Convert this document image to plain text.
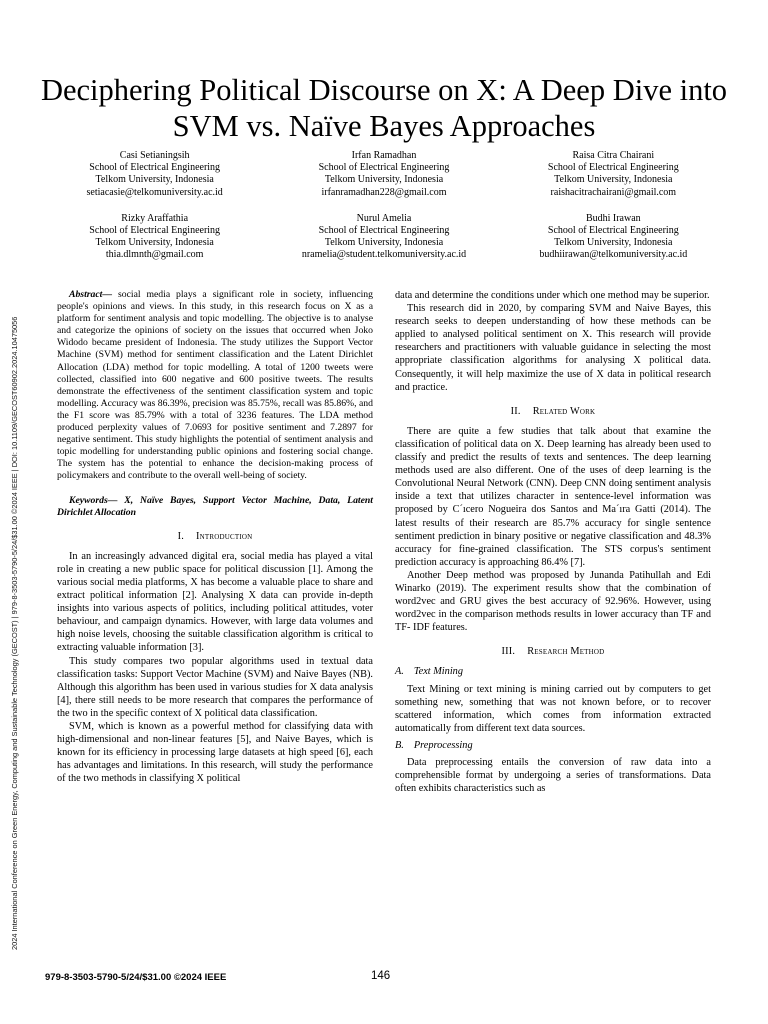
2024 International Conference on Green Energy, Computing and Sustainable Technology (GECOST) | 979-8-3503-5790-5/24/$31.00 ©2024 IEEE | DOI: 10.1109/GECOST60902.2024.10475056
Deciphering Political Discourse on X: A Deep Dive into SVM vs. Naïve Bayes Approaches
Casi Setianingsih
School of Electrical Engineering
Telkom University, Indonesia
setiacasie@telkomuniversity.ac.id
Irfan Ramadhan
School of Electrical Engineering
Telkom University, Indonesia
irfanramadhan228@gmail.com
Raisa Citra Chairani
School of Electrical Engineering
Telkom University, Indonesia
raishacitrachairani@gmail.com
Rizky Araffathia
School of Electrical Engineering
Telkom University, Indonesia
thia.dlmnth@gmail.com
Nurul Amelia
School of Electrical Engineering
Telkom University, Indonesia
nramelia@student.telkomuniversity.ac.id
Budhi Irawan
School of Electrical Engineering
Telkom University, Indonesia
budhiirawan@telkomuniversity.ac.id

Abstract— social media plays a significant role in society, influencing people's opinions and views. In this study, in this research focus on X as a platform for sentiment analysis and topic modelling. The objective is to analyse and categorize the opinions of society on the issues that occurred when Joko Widodo became president of Indonesia. The study utilizes the Support Vector Machine (SVM) method for sentiment classification and the Latent Dirichlet Allocation (LDA) method for topic modelling. A total of 1200 tweets were collected, classified into 600 negative and 600 positive tweets. The results demonstrate the effectiveness of the sentiment classification system and topic modelling. Accuracy was 86.39%, precision was 85.75%, recall was 85.86%, and the F1 score was 85.79% with a total of 3236 features. The LDA method produced perplexity values of 7.0693 for positive sentiment and 7.2897 for negative sentiment. This study highlights the potential of sentiment analysis and topic modelling for understanding public opinions and fostering social change. The system has the potential to enhance the decision-making process of policymakers and contribute to the overall well-being of society.

Keywords— X, Naïve Bayes, Support Vector Machine, Data, Latent Dirichlet Allocation

I. Introduction

In an increasingly advanced digital era, social media has played a vital role in creating a new public space for political discussion [1]. Among the various social media platforms, X has become a valuable place to share and extract political information [2]. Analysing X data can provide in-depth insights into various aspects of politics, including political attitudes, voter behaviour, and campaign dynamics. However, with large data volumes and high noise levels, choosing the suitable classification algorithm is critical to extracting valuable information [3].

This study compares two popular algorithms used in textual data classification tasks: Support Vector Machine (SVM) and Naive Bayes (NB). Although this algorithm has been used in various studies for X data analysis [4], there still needs to be more research that compares the performance of the two in the specific context of X political data classification.

SVM, which is known as a powerful method for classifying data with high-dimensional and non-linear features [5], and Naive Bayes, which is known for its efficiency in processing large datasets at high speed [6], each has advantages and limitations. In this research, will study the performance of the two methods in classifying X political

data and determine the conditions under which one method may be superior.

This research did in 2020, by comparing SVM and Naive Bayes, this research seeks to deepen understanding of how these methods can be applied to analysed political sentiment on X. This research will provide researchers and practitioners with valuable guidance in selecting the most appropriate classification algorithms for analysing X political data. Consequently, it will help maximize the use of X data in political research and practice.

II. Related Work

There are quite a few studies that talk about that examine the classification of political data on X. Deep learning has already been used to classify and predict the results of texts and sentences. The deep learning methods used are also different. One of the uses of deep learning is the Convolutional Neural Network (CNN). Deep CNN doing sentiment analysis inside a text that utilizes character in sentence-level information was proposed by C´ıcero Nogueira dos Santos and Ma´ıra Gatti (2014). The latest results of their research are 85.7% accuracy for single sentence sentiment prediction in binary positive or negative classification and 48.3% accuracy for fine-grained classification. The STS corpus's sentiment prediction accuracy is approaching 86.4% [7].

Another Deep method was proposed by Junanda Patihullah and Edi Winarko (2019). The experiment results show that the combination of word2vec and GRU gives the best accuracy of 92.96%. However, using word2vec in the comparison methods results in lower accuracy than TF and TF- IDF features.

III. Research Method
A. Text Mining

Text Mining or text mining is mining carried out by computers to get something new, something that was not known before, or to recover scattered information, which comes from information extracted automatically from different text data sources.

B. Preprocessing

Data preprocessing entails the conversion of raw data into a comprehensible format by undergoing a series of transformations. Data often exhibits characteristics such as

979-8-3503-5790-5/24/$31.00 ©2024 IEEE	146
